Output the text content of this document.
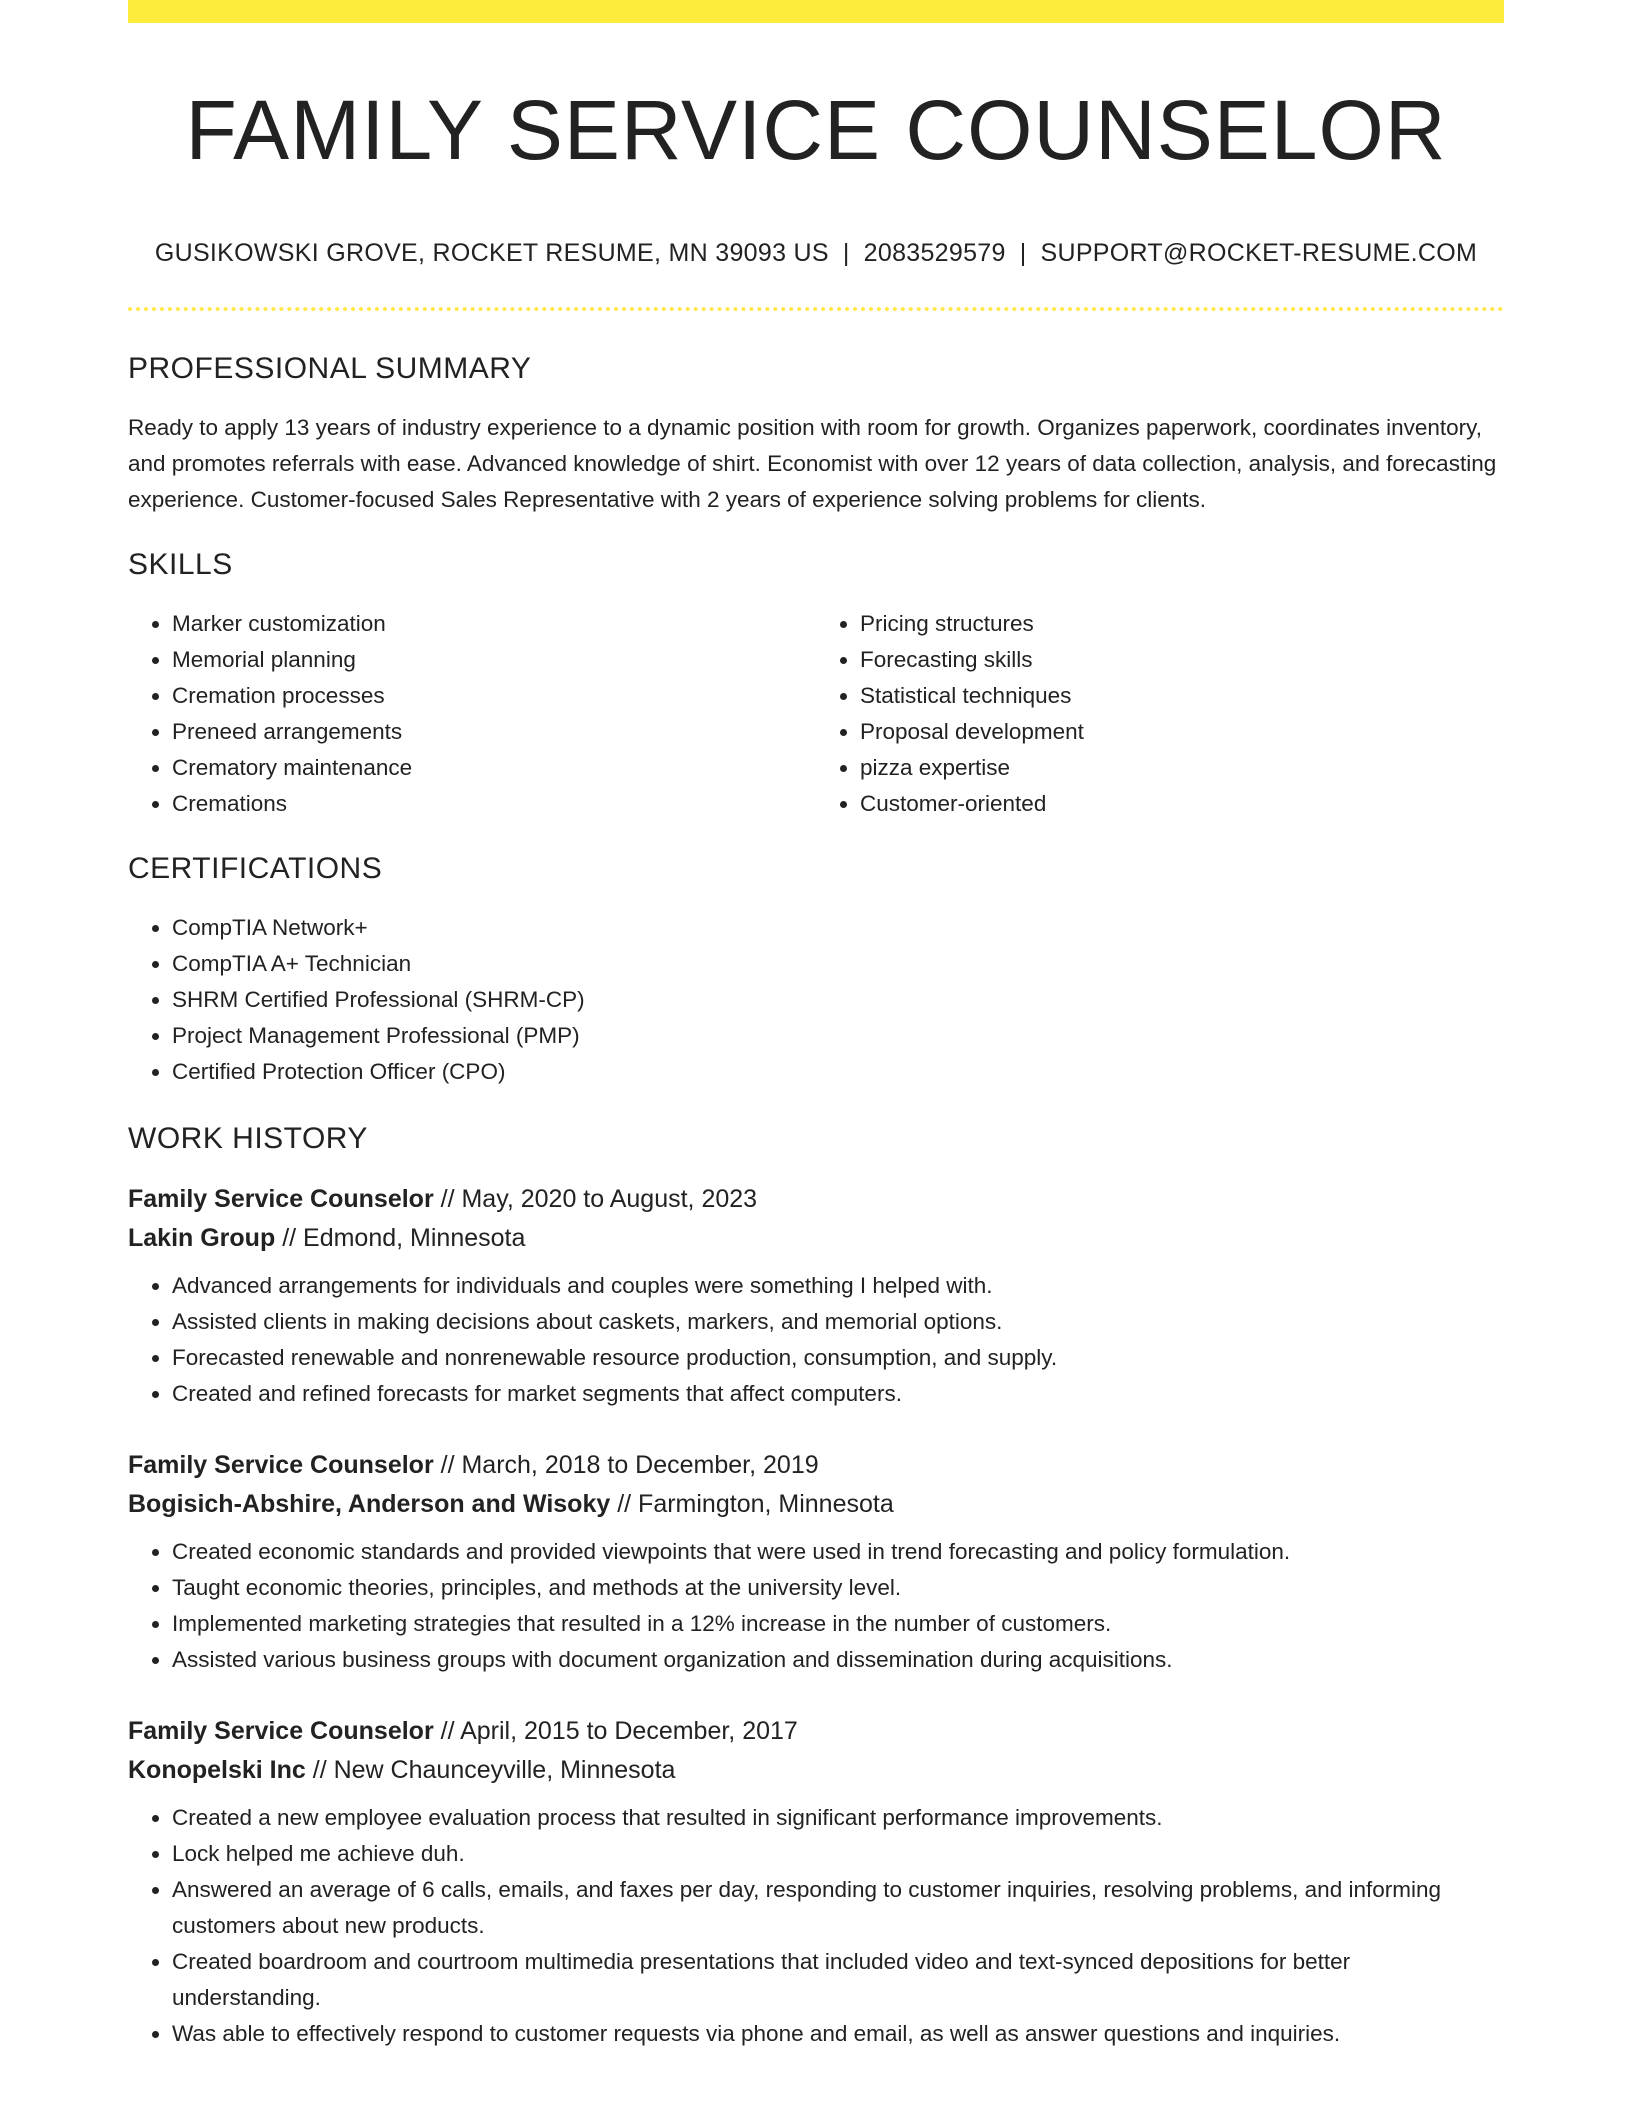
FAMILY SERVICE COUNSELOR
GUSIKOWSKI GROVE, ROCKET RESUME, MN 39093 US | 2083529579 | SUPPORT@ROCKET-RESUME.COM
PROFESSIONAL SUMMARY

Ready to apply 13 years of industry experience to a dynamic position with room for growth. Organizes paperwork, coordinates inventory, and promotes referrals with ease. Advanced knowledge of shirt. Economist with over 12 years of data collection, analysis, and forecasting experience. Customer-focused Sales Representative with 2 years of experience solving problems for clients.

SKILLS
• Marker customization
• Memorial planning
• Cremation processes
• Preneed arrangements
• Crematory maintenance
• Cremations
• Pricing structures
• Forecasting skills
• Statistical techniques
• Proposal development
• pizza expertise
• Customer-oriented
CERTIFICATIONS
• CompTIA Network+
• CompTIA A+ Technician
• SHRM Certified Professional (SHRM-CP)
• Project Management Professional (PMP)
• Certified Protection Officer (CPO)
WORK HISTORY
Family Service Counselor // May, 2020 to August, 2023
Lakin Group // Edmond, Minnesota
• Advanced arrangements for individuals and couples were something I helped with.
• Assisted clients in making decisions about caskets, markers, and memorial options.
• Forecasted renewable and nonrenewable resource production, consumption, and supply.
• Created and refined forecasts for market segments that affect computers.
Family Service Counselor // March, 2018 to December, 2019
Bogisich-Abshire, Anderson and Wisoky // Farmington, Minnesota
• Created economic standards and provided viewpoints that were used in trend forecasting and policy formulation.
• Taught economic theories, principles, and methods at the university level.
• Implemented marketing strategies that resulted in a 12% increase in the number of customers.
• Assisted various business groups with document organization and dissemination during acquisitions.
Family Service Counselor // April, 2015 to December, 2017
Konopelski Inc // New Chaunceyville, Minnesota
• Created a new employee evaluation process that resulted in significant performance improvements.
• Lock helped me achieve duh.
• Answered an average of 6 calls, emails, and faxes per day, responding to customer inquiries, resolving problems, and informing customers about new products.
• Created boardroom and courtroom multimedia presentations that included video and text-synced depositions for better understanding.
• Was able to effectively respond to customer requests via phone and email, as well as answer questions and inquiries.
